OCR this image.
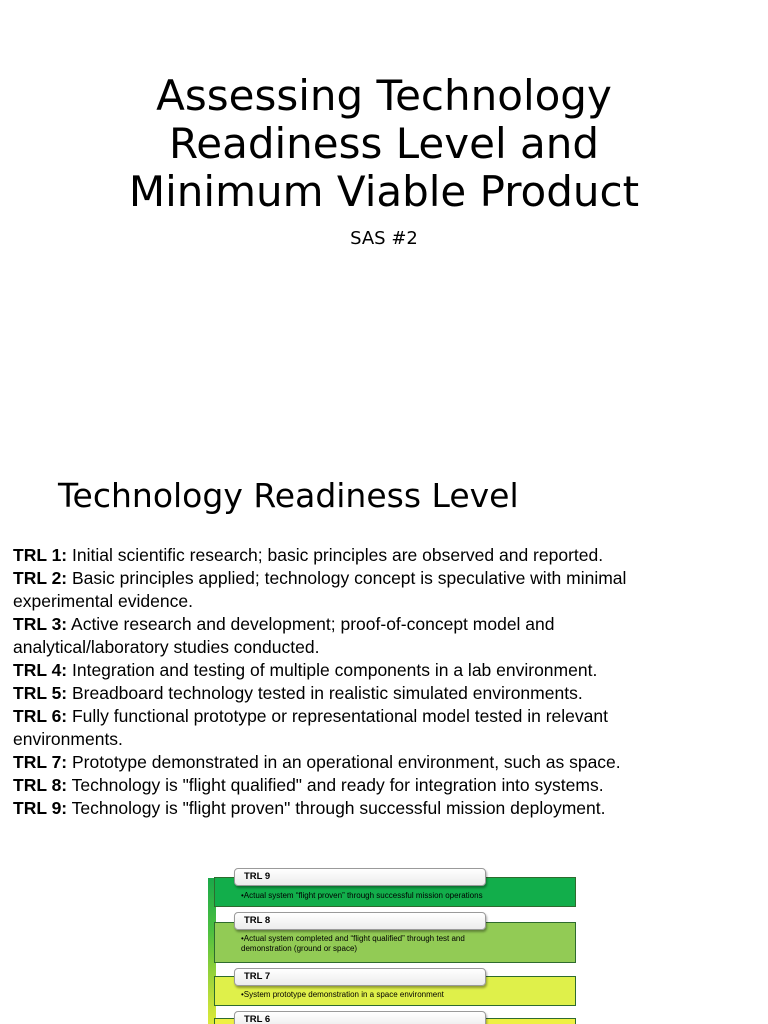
Assessing Technology
Readiness Level and
Minimum Viable Product
SAS #2
Technology Readiness Level

TRL 1: Initial scientific research; basic principles are observed and reported.

TRL 2: Basic principles applied; technology concept is speculative with minimal experimental evidence.

TRL 3: Active research and development; proof-of-concept model and analytical/laboratory studies conducted.

TRL 4: Integration and testing of multiple components in a lab environment.

TRL 5: Breadboard technology tested in realistic simulated environments.

TRL 6: Fully functional prototype or representational model tested in relevant environments.

TRL 7: Prototype demonstrated in an operational environment, such as space.

TRL 8: Technology is "flight qualified" and ready for integration into systems.

TRL 9: Technology is "flight proven" through successful mission deployment.

TRL 9
•Actual system “flight proven” through successful mission operations
TRL 8
•Actual system completed and “flight qualified” through test and demonstration (ground or space)
TRL 7
•System prototype demonstration in a space environment
TRL 6
